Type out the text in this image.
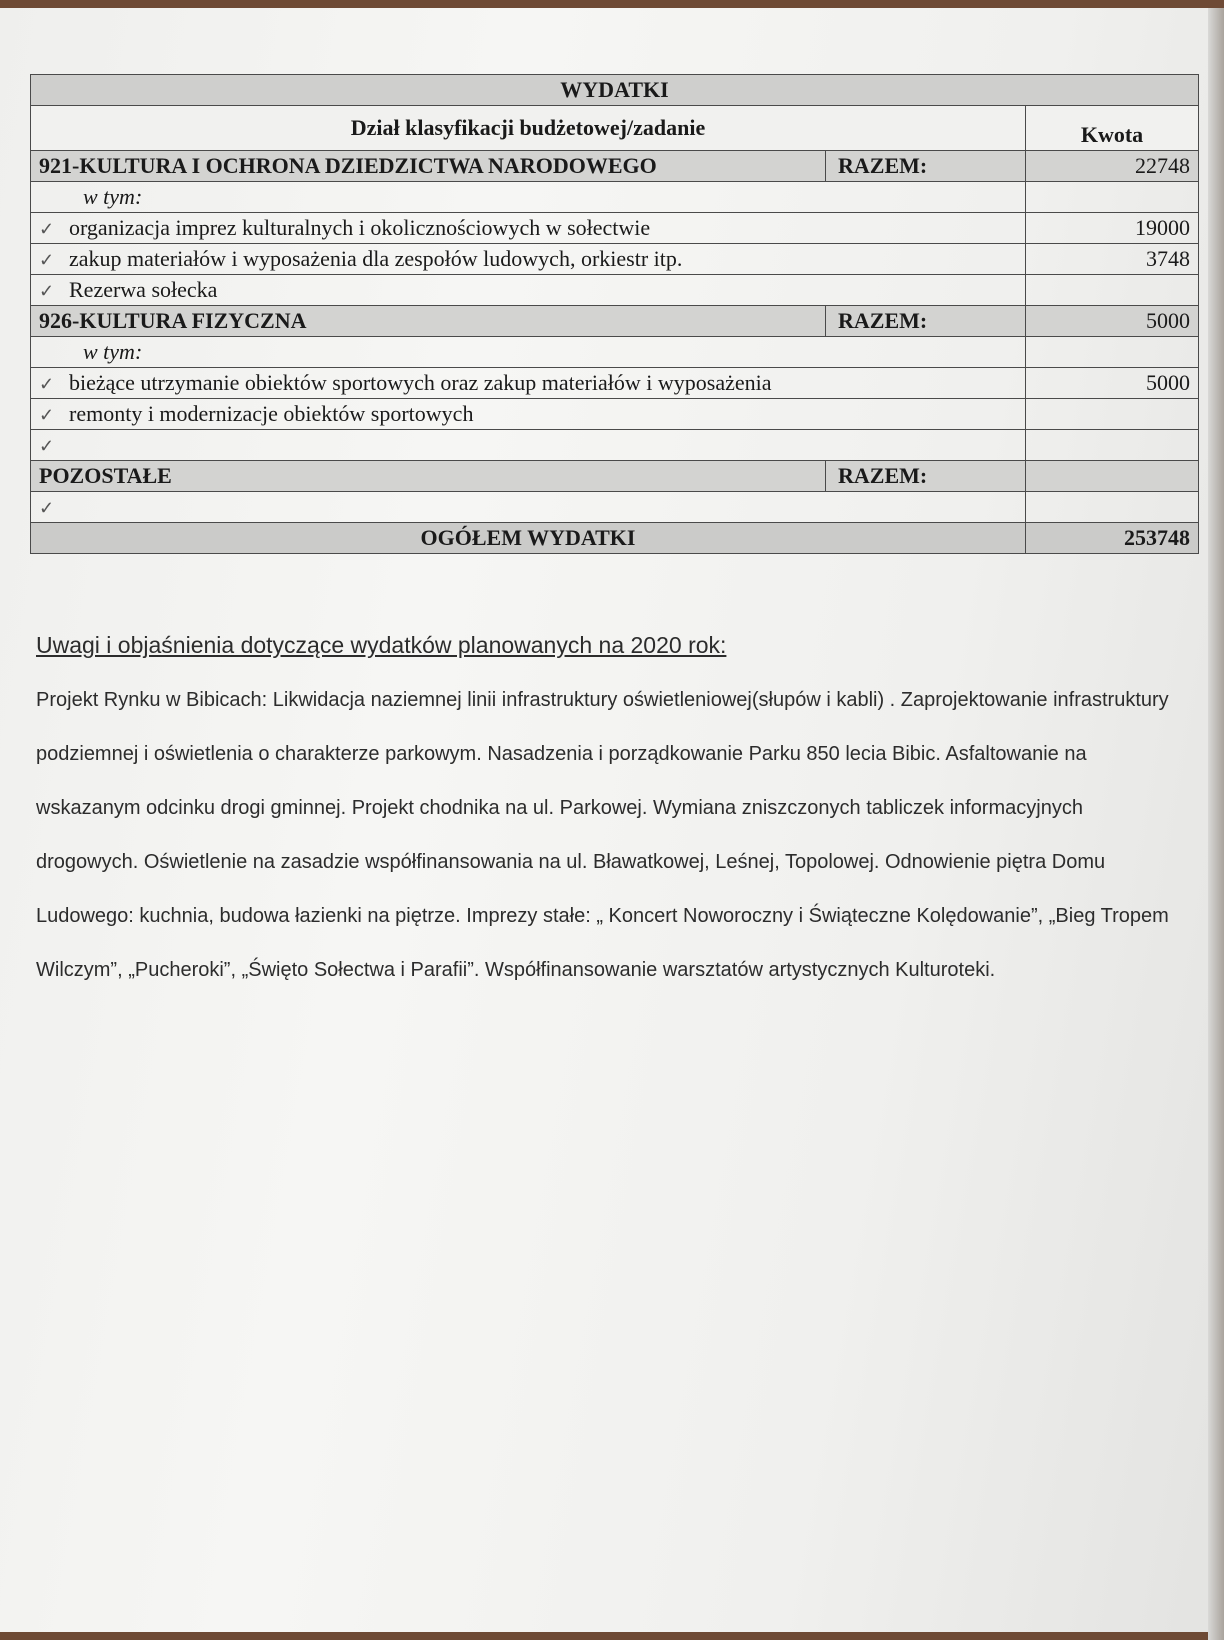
WYDATKI		
Dział klasyfikacji budżetowej/zadanie		Kwota
921-KULTURA I OCHRONA DZIEDZICTWA NARODOWEGO	RAZEM:	22748
w tym:		
✓ organizacja imprez kulturalnych i okolicznościowych w sołectwie		19000
✓ zakup materiałów i wyposażenia dla zespołów ludowych, orkiestr itp.		3748
✓ Rezerwa sołecka		
926-KULTURA FIZYCZNA	RAZEM:	5000
w tym:		
✓ bieżące utrzymanie obiektów sportowych oraz zakup materiałów i wyposażenia		5000
✓ remonty i modernizacje obiektów sportowych		
✓		
POZOSTAŁE	RAZEM:	
✓		
OGÓŁEM WYDATKI		253748

Uwagi i objaśnienia dotyczące wydatków planowanych na 2020 rok:

Projekt Rynku w Bibicach: Likwidacja naziemnej linii infrastruktury oświetleniowej(słupów i kabli) . Zaprojektowanie infrastruktury podziemnej i oświetlenia o charakterze parkowym. Nasadzenia i porządkowanie Parku 850 lecia Bibic. Asfaltowanie na wskazanym odcinku drogi gminnej. Projekt chodnika na ul. Parkowej. Wymiana zniszczonych tabliczek informacyjnych drogowych. Oświetlenie na zasadzie współfinansowania na ul. Bławatkowej, Leśnej, Topolowej. Odnowienie piętra Domu Ludowego: kuchnia, budowa łazienki na piętrze. Imprezy stałe: „ Koncert Noworoczny i Świąteczne Kolędowanie”, „Bieg Tropem Wilczym”, „Pucheroki”, „Święto Sołectwa i Parafii”. Współfinansowanie warsztatów artystycznych Kulturoteki.
